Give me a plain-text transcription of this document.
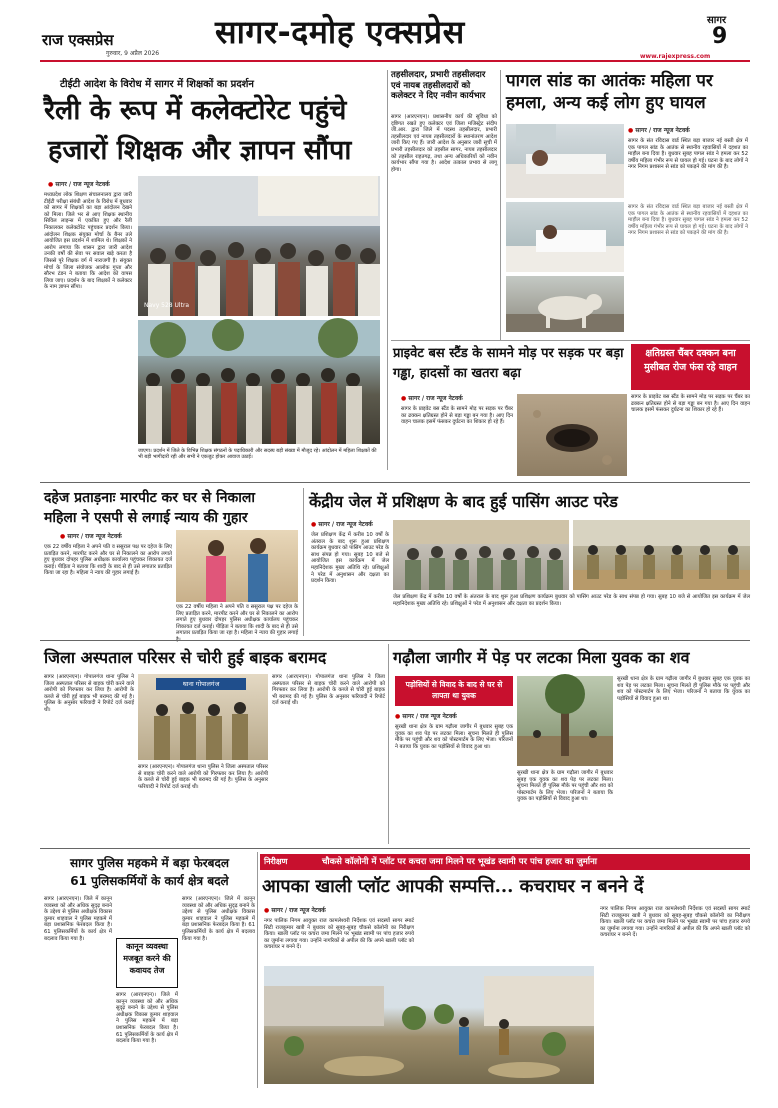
राज एक्सप्रेस
गुरुवार, 9 अप्रैल 2026
सागर-दमोह एक्सप्रेस	सागर
9
www.rajexpress.com
टीईटी आदेश के विरोध में सागर में शिक्षकों का प्रदर्शन
रैली के रूप में कलेक्टोरेट पहुंचे
हजारों शिक्षक और ज्ञापन सौंपा
● सागर / राज न्यूज नेटवर्क
मध्यप्रदेश लोक शिक्षण संचालनालय द्वारा जारी टीईटी परीक्षा संबंधी आदेश के विरोध में बुधवार को सागर में शिक्षकों का बड़ा आंदोलन देखने को मिला। जिले भर से आए शिक्षक स्थानीय सिविल लाइन्स में एकत्रित हुए और रैली निकालकर कलेक्टोरेट पहुंचकर प्रदर्शन किया। आंदोलन शिक्षक संयुक्त मोर्चा के बैनर तले आयोजित इस प्रदर्शन में शामिल थे। शिक्षकों ने आरोप लगाया कि शासन द्वारा जारी आदेश उनकी वर्षों की सेवा पर सवाल खड़े करता है जिससे पूरे शिक्षक वर्ग में नाराजगी है। संयुक्त मोर्चा के जिला संयोजक आलोक गुप्ता और सौरभ टंडन ने बताया कि आदेश को वापस लिया जाए। प्रदर्शन के बाद शिक्षकों ने कलेक्टर के नाम ज्ञापन सौंपा।
Navy 528 Ultra
जाएगा। प्रदर्शन में जिले के विभिन्न शिक्षक संगठनों के पदाधिकारी और सदस्य बड़ी संख्या में मौजूद रहे। आंदोलन में महिला शिक्षकों की भी बड़ी भागीदारी रही और सभी ने एकजुट होकर आवाज उठाई।
तहसीलदार, प्रभारी तहसीलदार एवं नायब तहसीलदारों को कलेक्टर ने दिए नवीन कार्यभार
सागर (आरएनएन)। प्रशासनीय कार्य की सुविधा को दृष्टिगत रखते हुए कलेक्टर एवं जिला मजिस्ट्रेट संदीप जी.आर. द्वारा जिले में पदस्थ तहसीलदार, प्रभारी तहसीलदार एवं नायब तहसीलदारों के स्थानांतरण आदेश जारी किए गए हैं। जारी आदेश के अनुसार जारी सूची में प्रभारी तहसीलदार को तहसील सागर, नायब तहसीलदार को तहसील राहतगढ़, तथा अन्य अधिकारियों को नवीन कार्यभार सौंपा गया है। आदेश तत्काल प्रभाव से लागू होगा।
पागल सांड का आतंकः महिला पर हमला, अन्य कई लोग हुए घायल
● सागर / राज न्यूज नेटवर्क
सागर के संत रविदास वार्ड स्थित बड़ा बाजार नई बस्ती क्षेत्र में एक पागल सांड के आतंक से स्थानीय रहवासियों में दहशत का माहौल बना दिया है। बुधवार सुबह पागल सांड ने हमला कर 52 वर्षीय महिला गंभीर रूप से घायल हो गई। घटना के बाद लोगों ने नगर निगम प्रशासन से सांड को पकड़ने की मांग की है।
सागर के संत रविदास वार्ड स्थित बड़ा बाजार नई बस्ती क्षेत्र में एक पागल सांड के आतंक से स्थानीय रहवासियों में दहशत का माहौल बना दिया है। बुधवार सुबह पागल सांड ने हमला कर 52 वर्षीय महिला गंभीर रूप से घायल हो गई। घटना के बाद लोगों ने नगर निगम प्रशासन से सांड को पकड़ने की मांग की है।
प्राइवेट बस स्टैंड के सामने मोड़ पर सड़क पर बड़ा गड्ढा, हादसों का खतरा बढ़ा
क्षतिग्रस्त चैंबर दक्कन बना मुसीबत रोज फंस रहे वाहन
● सागर / राज न्यूज नेटवर्क
सागर के प्राइवेट बस स्टैंड के सामने मोड़ पर सड़क पर चैंबर का ढक्कन क्षतिग्रस्त होने से बड़ा गड्ढा बन गया है। आए दिन वाहन चालक इसमें फंसकर दुर्घटना का शिकार हो रहे हैं।
सागर के प्राइवेट बस स्टैंड के सामने मोड़ पर सड़क पर चैंबर का ढक्कन क्षतिग्रस्त होने से बड़ा गड्ढा बन गया है। आए दिन वाहन चालक इसमें फंसकर दुर्घटना का शिकार हो रहे हैं।
दहेज प्रताड़नाः मारपीट कर घर से निकाला
महिला ने एसपी से लगाई न्याय की गुहार
● सागर / राज न्यूज नेटवर्क
एक 22 वर्षीय महिला ने अपने पति व ससुराल पक्ष पर दहेज के लिए प्रताड़ित करने, मारपीट करने और घर से निकालने का आरोप लगाते हुए बुधवार दोपहर पुलिस अधीक्षक कार्यालय पहुंचकर शिकायत दर्ज कराई। पीड़िता ने बताया कि शादी के बाद से ही उसे लगातार प्रताड़ित किया जा रहा है। महिला ने न्याय की गुहार लगाई है।
एक 22 वर्षीय महिला ने अपने पति व ससुराल पक्ष पर दहेज के लिए प्रताड़ित करने, मारपीट करने और घर से निकालने का आरोप लगाते हुए बुधवार दोपहर पुलिस अधीक्षक कार्यालय पहुंचकर शिकायत दर्ज कराई। पीड़िता ने बताया कि शादी के बाद से ही उसे लगातार प्रताड़ित किया जा रहा है। महिला ने न्याय की गुहार लगाई
केंद्रीय जेल में प्रशिक्षण के बाद हुई पासिंग आउट परेड
● सागर / राज न्यूज नेटवर्क
जेल प्रशिक्षण केंद्र में करीब 10 वर्षों के अंतराल के बाद शुरू हुआ प्रशिक्षण कार्यक्रम बुधवार को पासिंग आउट परेड के साथ संपन्न हो गया। सुबह 10 बजे से आयोजित इस कार्यक्रम में जेल महानिदेशक मुख्य अतिथि रहे। प्रशिक्षुओं ने परेड में अनुशासन और दक्षता का प्रदर्शन किया।
जेल प्रशिक्षण केंद्र में करीब 10 वर्षों के अंतराल के बाद शुरू हुआ प्रशिक्षण कार्यक्रम बुधवार को पासिंग आउट परेड के साथ संपन्न हो गया। सुबह 10 बजे से आयोजित इस कार्यक्रम में जेल महानिदेशक मुख्य अतिथि रहे। प्रशिक्षुओं ने परेड में अनुशासन और दक्षता का प्रदर्शन किया।
जिला अस्पताल परिसर से चोरी हुई बाइक बरामद
सागर (आरएनएन)। गोपालगंज थाना पुलिस ने जिला अस्पताल परिसर से बाइक चोरी करने वाले आरोपी को गिरफ्तार कर लिया है। आरोपी के कब्जे से चोरी हुई बाइक भी बरामद की गई है। पुलिस के अनुसार फरियादी ने रिपोर्ट दर्ज कराई थी।
थाना गोपालगंज
सागर (आरएनएन)। गोपालगंज थाना पुलिस ने जिला अस्पताल परिसर से बाइक चोरी करने वाले आरोपी को गिरफ्तार कर लिया है। आरोपी के कब्जे से चोरी हुई बाइक भी बरामद की गई है। पुलिस के अनुसार फरियादी ने रिपोर्ट दर्ज कराई थी।
सागर (आरएनएन)। गोपालगंज थाना पुलिस ने जिला अस्पताल परिसर से बाइक चोरी करने वाले आरोपी को गिरफ्तार कर लिया है। आरोपी के कब्जे से चोरी हुई बाइक भी बरामद की गई है। पुलिस के अनुसार फरियादी ने रिपोर्ट दर्ज कराई थी।
गढ़ौला जागीर में पेड़ पर लटका मिला युवक का शव
पड़ोसियों से विवाद के बाद से घर से लापता था युवक
● सागर / राज न्यूज नेटवर्क
सुरखी थाना क्षेत्र के ग्राम गढ़ौला जागीर में बुधवार सुबह एक युवक का शव पेड़ पर लटका मिला। सूचना मिलते ही पुलिस मौके पर पहुंची और शव को पोस्टमार्टम के लिए भेजा। परिजनों ने बताया कि युवक का पड़ोसियों से विवाद हुआ था।
सुरखी थाना क्षेत्र के ग्राम गढ़ौला जागीर में बुधवार सुबह एक युवक का शव पेड़ पर लटका मिला। सूचना मिलते ही पुलिस मौके पर पहुंची और शव को पोस्टमार्टम के लिए भेजा। परिजनों ने बताया कि युवक का पड़ोसियों से विवाद हुआ था।
सुरखी थाना क्षेत्र के ग्राम गढ़ौला जागीर में बुधवार सुबह एक युवक का शव पेड़ पर लटका मिला। सूचना मिलते ही पुलिस मौके पर पहुंची और शव को पोस्टमार्टम के लिए भेजा। परिजनों ने बताया कि युवक का पड़ोसियों से विवाद हुआ था।
सागर पुलिस महकमे में बड़ा फेरबदल
61 पुलिसकर्मियों के कार्य क्षेत्र बदले
सागर (आरएनएन)। जिले में कानून व्यवस्था को और अधिक सुदृढ़ बनाने के उद्देश्य से पुलिस अधीक्षक विकास कुमार शाहवाल ने पुलिस महकमे में बड़ा प्रशासनिक फेरबदल किया है। 61 पुलिसकर्मियों के कार्य क्षेत्र में बदलाव किया गया है।
कानून व्यवस्था मजबूत करने की कवायद तेज
सागर (आरएनएन)। जिले में कानून व्यवस्था को और अधिक सुदृढ़ बनाने के उद्देश्य से पुलिस अधीक्षक विकास कुमार शाहवाल ने पुलिस महकमे में बड़ा प्रशासनिक फेरबदल किया है। 61 पुलिसकर्मियों के कार्य क्षेत्र में बदलाव किया गया है।
सागर (आरएनएन)। जिले में कानून व्यवस्था को और अधिक सुदृढ़ बनाने के उद्देश्य से पुलिस अधीक्षक विकास कुमार शाहवाल ने पुलिस महकमे में बड़ा प्रशासनिक फेरबदल किया है। 61 पुलिसकर्मियों के कार्य क्षेत्र में बदलाव किया गया है।
निरीक्षण	चौकसे कॉलोनी में प्लॉट पर कचरा जमा मिलने पर भूखंड स्वामी पर पांच हजार का जुर्माना
आपका खाली प्लॉट आपकी सम्पत्ति... कचराघर न बनने दें
● सागर / राज न्यूज नेटवर्क
नगर पालिक निगम आयुक्त राज कामलेश्वरी निर्देशक एवं सदस्यों सागर स्मार्ट सिटी राजकुमार खत्री ने बुधवार को सुबह-सुबह चौकसे कॉलोनी का निरीक्षण किया। खाली प्लॉट पर कचरा जमा मिलने पर भूखंड स्वामी पर पांच हजार रुपये का जुर्माना लगाया गया। उन्होंने नागरिकों से अपील की कि अपने खाली प्लॉट को कचराघर न बनने दें।
नगर पालिक निगम आयुक्त राज कामलेश्वरी निर्देशक एवं सदस्यों सागर स्मार्ट सिटी राजकुमार खत्री ने बुधवार को सुबह-सुबह चौकसे कॉलोनी का निरीक्षण किया। खाली प्लॉट पर कचरा जमा मिलने पर भूखंड स्वामी पर पांच हजार रुपये का जुर्माना लगाया गया। उन्होंने नागरिकों से अपील की कि अपने खाली प्लॉट को कचराघर न बनने दें।
